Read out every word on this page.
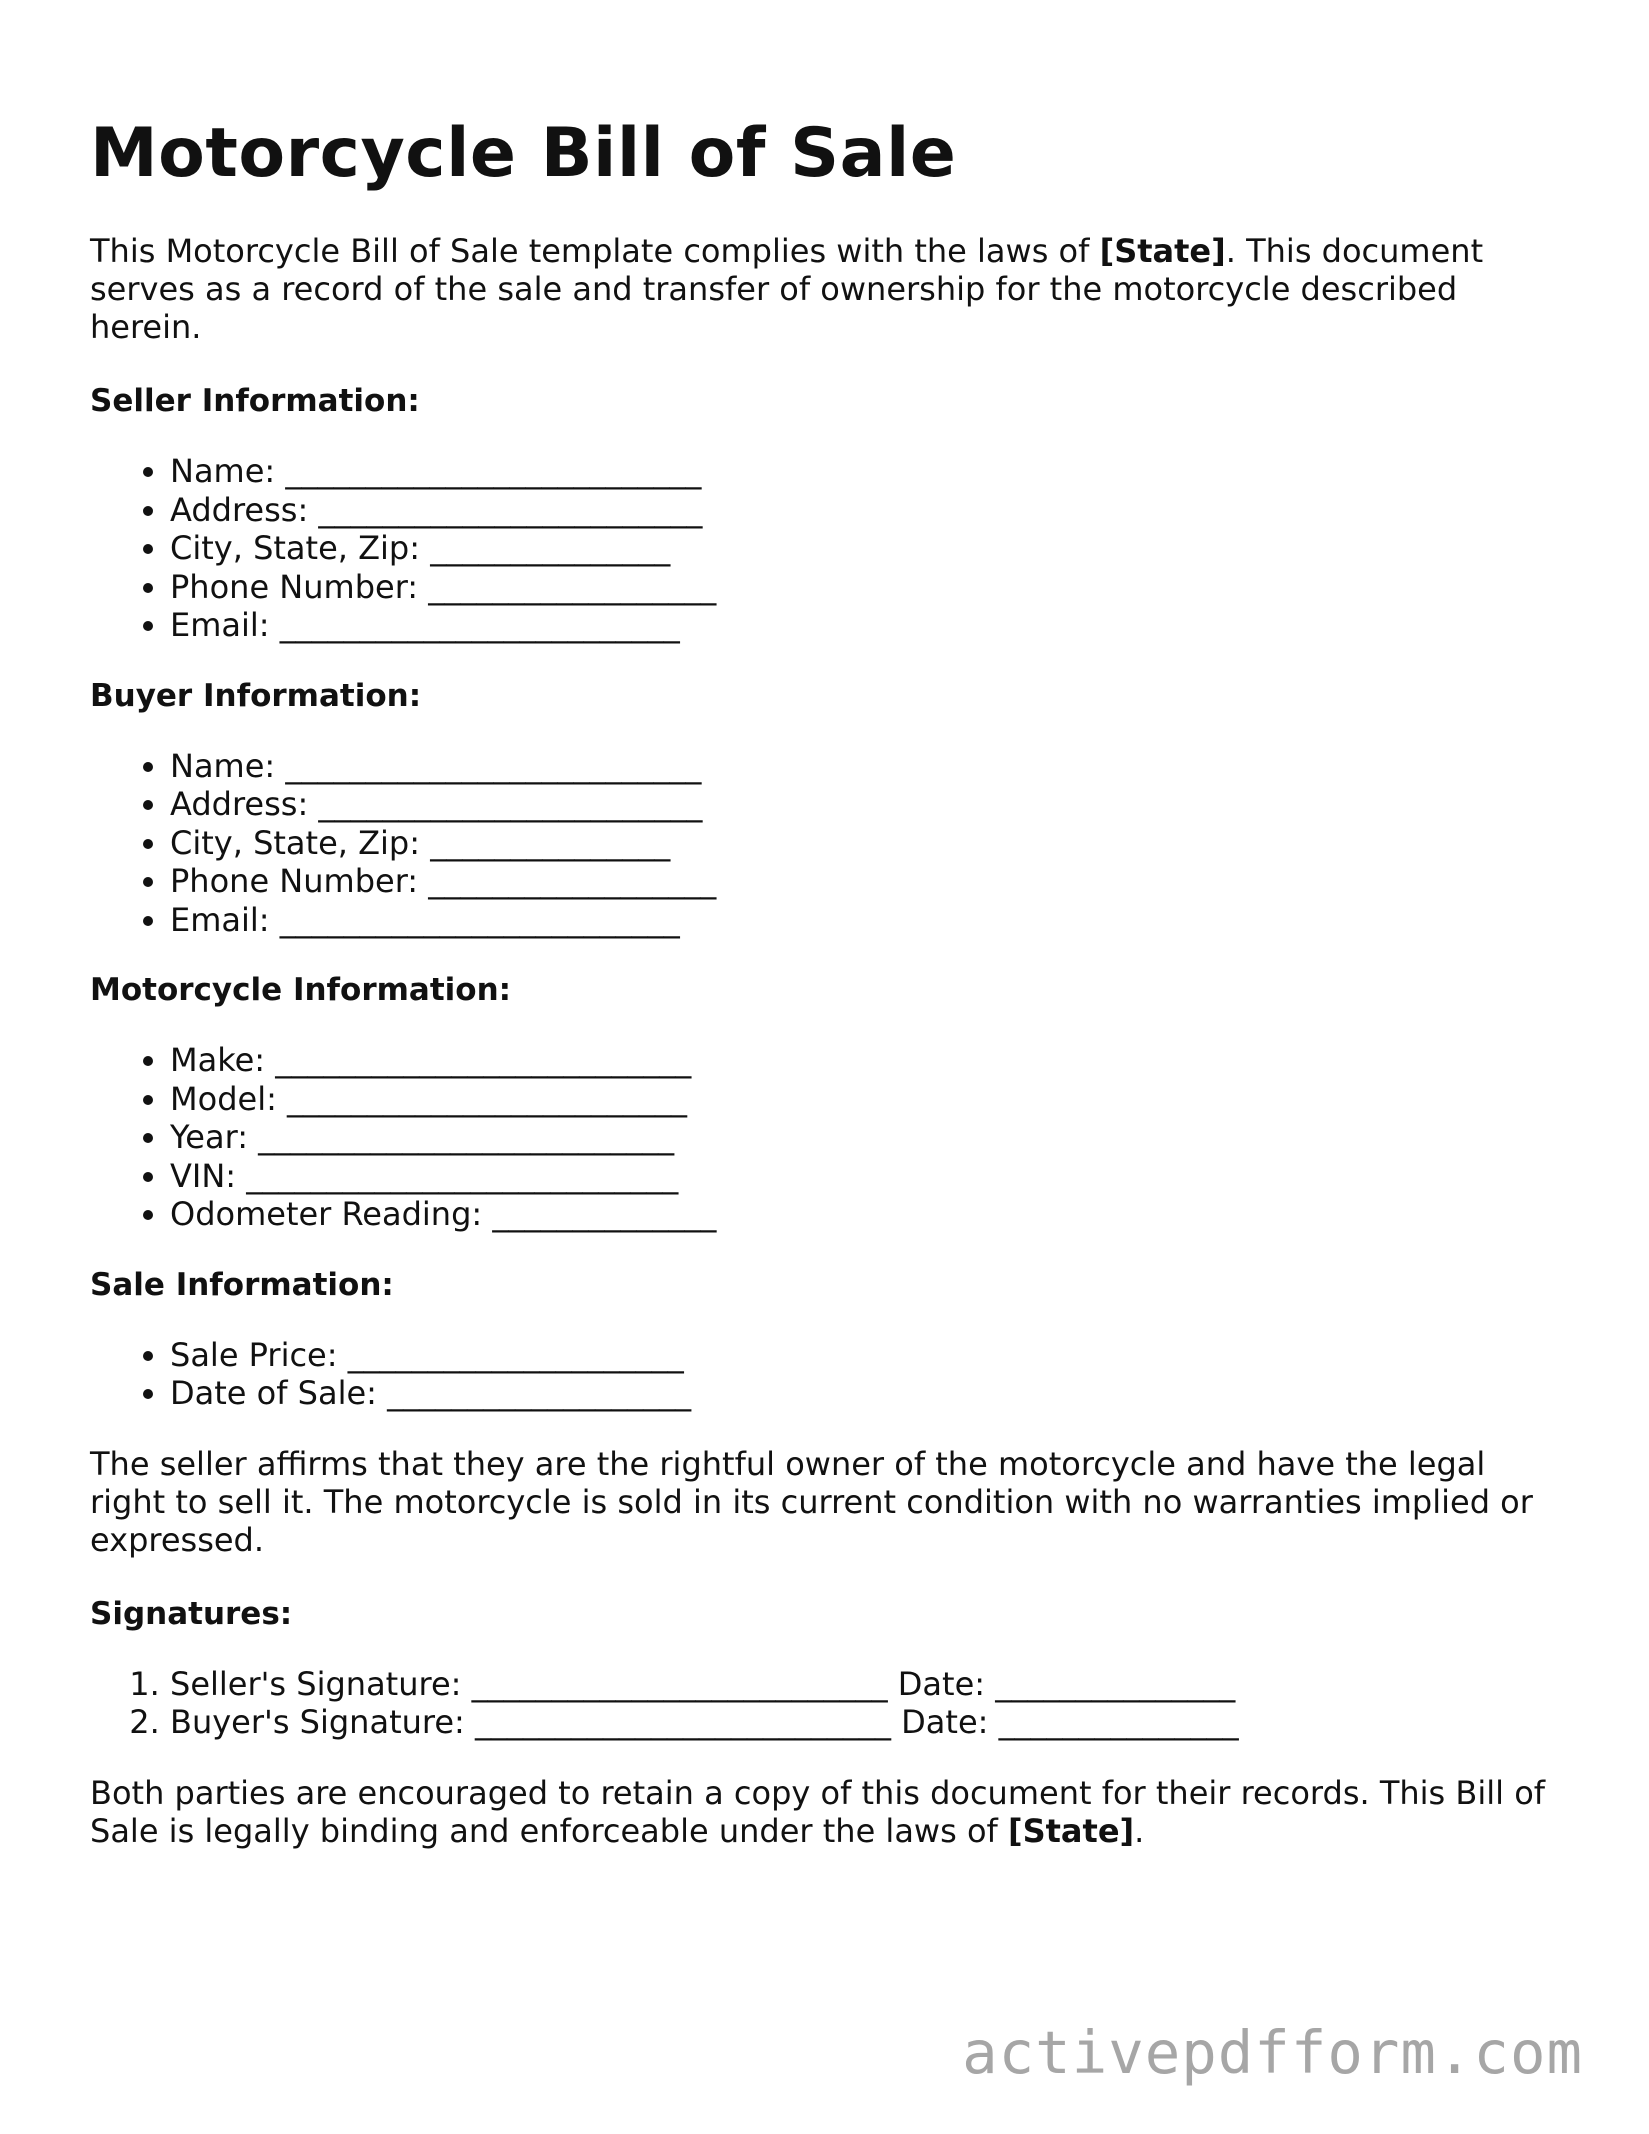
Motorcycle Bill of Sale

This Motorcycle Bill of Sale template complies with the laws of [State]. This document serves as a record of the sale and transfer of ownership for the motorcycle described herein.

Seller Information:
• Name: __________________________
• Address: ________________________
• City, State, Zip: _______________
• Phone Number: __________________
• Email: _________________________
Buyer Information:
• Name: __________________________
• Address: ________________________
• City, State, Zip: _______________
• Phone Number: __________________
• Email: _________________________
Motorcycle Information:
• Make: __________________________
• Model: _________________________
• Year: __________________________
• VIN: ___________________________
• Odometer Reading: ______________
Sale Information:
• Sale Price: _____________________
• Date of Sale: ___________________

The seller affirms that they are the rightful owner of the motorcycle and have the legal right to sell it. The motorcycle is sold in its current condition with no warranties implied or expressed.

Signatures:
1. Seller's Signature: __________________________ Date: _______________
2. Buyer's Signature: __________________________ Date: _______________

Both parties are encouraged to retain a copy of this document for their records. This Bill of Sale is legally binding and enforceable under the laws of [State].

activepdfform.com
